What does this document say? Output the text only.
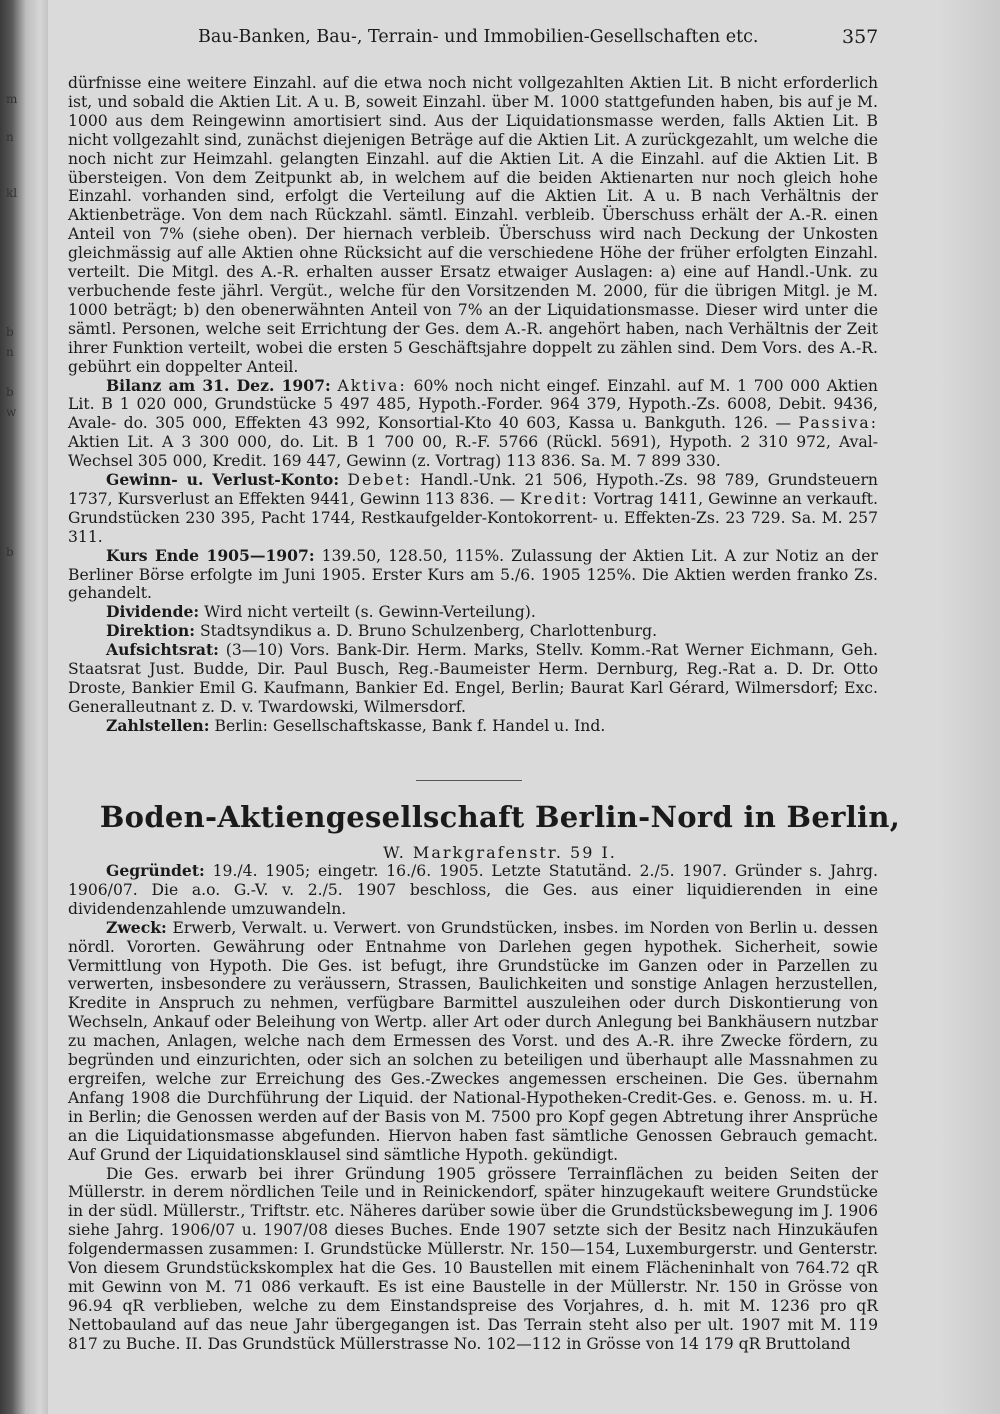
m
n
b
kl
b
n
w
b
Bau-Banken, Bau-, Terrain- und Immobilien-Gesellschaften etc.	357

dürfnisse eine weitere Einzahl. auf die etwa noch nicht vollgezahlten Aktien Lit. B nicht erforderlich ist, und sobald die Aktien Lit. A u. B, soweit Einzahl. über M. 1000 stattgefunden haben, bis auf je M. 1000 aus dem Reingewinn amortisiert sind. Aus der Liquidationsmasse werden, falls Aktien Lit. B nicht vollgezahlt sind, zunächst diejenigen Beträge auf die Aktien Lit. A zurückgezahlt, um welche die noch nicht zur Heimzahl. gelangten Einzahl. auf die Aktien Lit. A die Einzahl. auf die Aktien Lit. B übersteigen. Von dem Zeitpunkt ab, in welchem auf die beiden Aktienarten nur noch gleich hohe Einzahl. vorhanden sind, erfolgt die Verteilung auf die Aktien Lit. A u. B nach Verhältnis der Aktienbeträge. Von dem nach Rückzahl. sämtl. Einzahl. verbleib. Überschuss erhält der A.-R. einen Anteil von 7% (siehe oben). Der hiernach verbleib. Überschuss wird nach Deckung der Unkosten gleichmässig auf alle Aktien ohne Rücksicht auf die verschiedene Höhe der früher erfolgten Einzahl. verteilt. Die Mitgl. des A.-R. erhalten ausser Ersatz etwaiger Auslagen: a) eine auf Handl.-Unk. zu verbuchende feste jährl. Vergüt., welche für den Vorsitzenden M. 2000, für die übrigen Mitgl. je M. 1000 beträgt; b) den obenerwähnten Anteil von 7% an der Liquidationsmasse. Dieser wird unter die sämtl. Personen, welche seit Errichtung der Ges. dem A.-R. angehört haben, nach Verhältnis der Zeit ihrer Funktion verteilt, wobei die ersten 5 Geschäftsjahre doppelt zu zählen sind. Dem Vors. des A.-R. gebührt ein doppelter Anteil.

Bilanz am 31. Dez. 1907: Aktiva: 60% noch nicht eingef. Einzahl. auf M. 1 700 000 Aktien Lit. B 1 020 000, Grundstücke 5 497 485, Hypoth.-Forder. 964 379, Hypoth.-Zs. 6008, Debit. 9436, Avale- do. 305 000, Effekten 43 992, Konsortial-Kto 40 603, Kassa u. Bankguth. 126. — Passiva: Aktien Lit. A 3 300 000, do. Lit. B 1 700 00, R.-F. 5766 (Rückl. 5691), Hypoth. 2 310 972, Aval-Wechsel 305 000, Kredit. 169 447, Gewinn (z. Vortrag) 113 836. Sa. M. 7 899 330.

Gewinn- u. Verlust-Konto: Debet: Handl.-Unk. 21 506, Hypoth.-Zs. 98 789, Grundsteuern 1737, Kursverlust an Effekten 9441, Gewinn 113 836. — Kredit: Vortrag 1411, Gewinne an verkauft. Grundstücken 230 395, Pacht 1744, Restkaufgelder-Kontokorrent- u. Effekten-Zs. 23 729. Sa. M. 257 311.

Kurs Ende 1905—1907: 139.50, 128.50, 115%. Zulassung der Aktien Lit. A zur Notiz an der Berliner Börse erfolgte im Juni 1905. Erster Kurs am 5./6. 1905 125%. Die Aktien werden franko Zs. gehandelt.

Dividende: Wird nicht verteilt (s. Gewinn-Verteilung).

Direktion: Stadtsyndikus a. D. Bruno Schulzenberg, Charlottenburg.

Aufsichtsrat: (3—10) Vors. Bank-Dir. Herm. Marks, Stellv. Komm.-Rat Werner Eichmann, Geh. Staatsrat Just. Budde, Dir. Paul Busch, Reg.-Baumeister Herm. Dernburg, Reg.-Rat a. D. Dr. Otto Droste, Bankier Emil G. Kaufmann, Bankier Ed. Engel, Berlin; Baurat Karl Gérard, Wilmersdorf; Exc. Generalleutnant z. D. v. Twardowski, Wilmersdorf.

Zahlstellen: Berlin: Gesellschaftskasse, Bank f. Handel u. Ind.

Boden-Aktiengesellschaft Berlin-Nord in Berlin,
W. Markgrafenstr. 59 I.

Gegründet: 19./4. 1905; eingetr. 16./6. 1905. Letzte Statutänd. 2./5. 1907. Gründer s. Jahrg. 1906/07. Die a.o. G.-V. v. 2./5. 1907 beschloss, die Ges. aus einer liquidierenden in eine dividendenzahlende umzuwandeln.

Zweck: Erwerb, Verwalt. u. Verwert. von Grundstücken, insbes. im Norden von Berlin u. dessen nördl. Vororten. Gewährung oder Entnahme von Darlehen gegen hypothek. Sicherheit, sowie Vermittlung von Hypoth. Die Ges. ist befugt, ihre Grundstücke im Ganzen oder in Parzellen zu verwerten, insbesondere zu veräussern, Strassen, Baulichkeiten und sonstige Anlagen herzustellen, Kredite in Anspruch zu nehmen, verfügbare Barmittel auszuleihen oder durch Diskontierung von Wechseln, Ankauf oder Beleihung von Wertp. aller Art oder durch Anlegung bei Bankhäusern nutzbar zu machen, Anlagen, welche nach dem Ermessen des Vorst. und des A.-R. ihre Zwecke fördern, zu begründen und einzurichten, oder sich an solchen zu beteiligen und überhaupt alle Massnahmen zu ergreifen, welche zur Erreichung des Ges.-Zweckes angemessen erscheinen. Die Ges. übernahm Anfang 1908 die Durchführung der Liquid. der National-Hypotheken-Credit-Ges. e. Genoss. m. u. H. in Berlin; die Genossen werden auf der Basis von M. 7500 pro Kopf gegen Abtretung ihrer Ansprüche an die Liquidationsmasse abgefunden. Hiervon haben fast sämtliche Genossen Gebrauch gemacht. Auf Grund der Liquidationsklausel sind sämtliche Hypoth. gekündigt.

Die Ges. erwarb bei ihrer Gründung 1905 grössere Terrainflächen zu beiden Seiten der Müllerstr. in derem nördlichen Teile und in Reinickendorf, später hinzugekauft weitere Grundstücke in der südl. Müllerstr., Triftstr. etc. Näheres darüber sowie über die Grundstücksbewegung im J. 1906 siehe Jahrg. 1906/07 u. 1907/08 dieses Buches. Ende 1907 setzte sich der Besitz nach Hinzukäufen folgendermassen zusammen: I. Grundstücke Müllerstr. Nr. 150—154, Luxemburgerstr. und Genterstr. Von diesem Grundstückskomplex hat die Ges. 10 Baustellen mit einem Flächeninhalt von 764.72 qR mit Gewinn von M. 71 086 verkauft. Es ist eine Baustelle in der Müllerstr. Nr. 150 in Grösse von 96.94 qR verblieben, welche zu dem Einstandspreise des Vorjahres, d. h. mit M. 1236 pro qR Nettobauland auf das neue Jahr übergegangen ist. Das Terrain steht also per ult. 1907 mit M. 119 817 zu Buche. II. Das Grundstück Müllerstrasse No. 102—112 in Grösse von 14 179 qR Bruttoland
